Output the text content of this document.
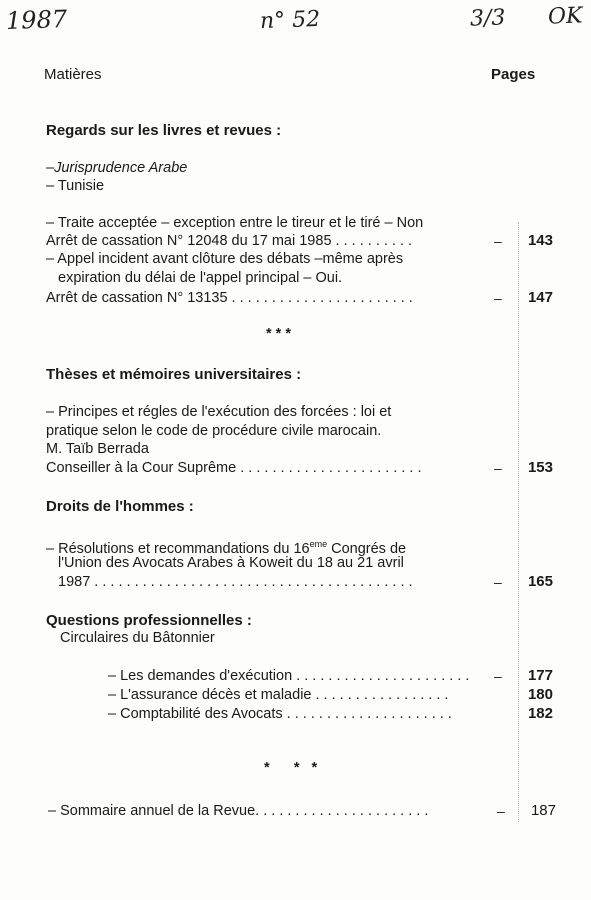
1987	n° 52	3/3 OK
Matières	Pages
Regards sur les livres et revues :
–Jurisprudence Arabe
– Tunisie
– Traite acceptée – exception entre le tireur et le tiré – Non
Arrêt de cassation N° 12048 du 17 mai 1985 . . . . . . . . . .	–	143
– Appel incident avant clôture des débats –même après
expiration du délai de l'appel principal – Oui.
Arrêt de cassation N° 13135 . . . . . . . . . . . . . . . . . . . . . . .	–	147
* * *
Thèses et mémoires universitaires :
– Principes et régles de l'exécution des forcées : loi et
pratique selon le code de procédure civile marocain.
M. Taïb Berrada
Conseiller à la Cour Suprême . . . . . . . . . . . . . . . . . . . . . . .	–	153
Droits de l'hommes :
– Résolutions et recommandations du 16eme Congrés de
l'Union des Avocats Arabes à Koweit du 18 au 21 avril
1987 . . . . . . . . . . . . . . . . . . . . . . . . . . . . . . . . . . . . . . . .	–	165
Questions professionnelles :
Circulaires du Bâtonnier
– Les demandes d'exécution . . . . . . . . . . . . . . . . . . . . . . –	177
– L'assurance décès et maladie . . . . . . . . . . . . . . . . .	180
– Comptabilité des Avocats . . . . . . . . . . . . . . . . . . . . .	182
*      *   *
– Sommaire annuel de la Revue. . . . . . . . . . . . . . . . . . . . . .	–	187
